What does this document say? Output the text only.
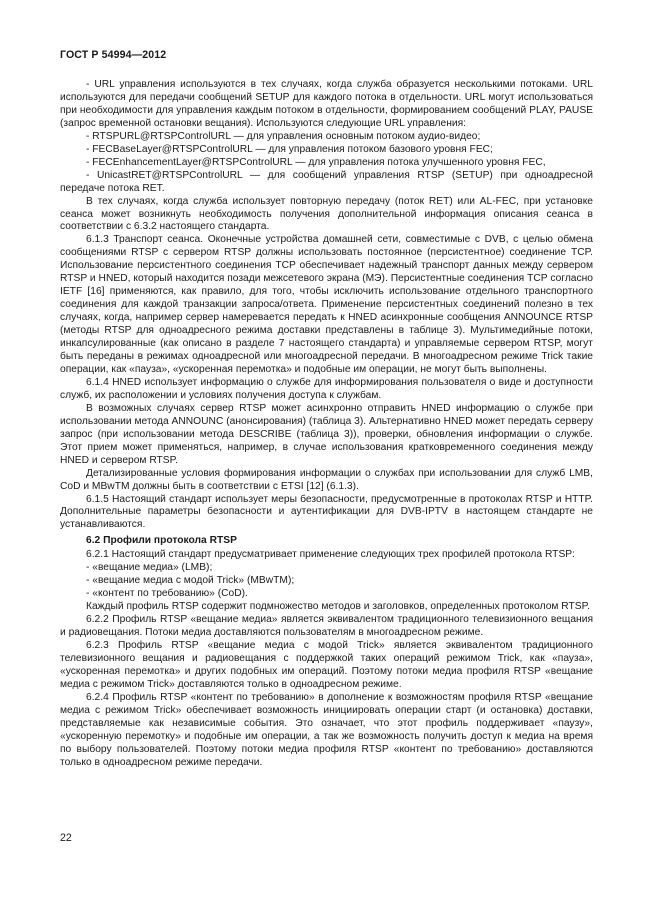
ГОСТ Р 54994—2012

- URL управления используются в тех случаях, когда служба образуется несколькими потоками. URL используются для передачи сообщений SETUP для каждого потока в отдельности. URL могут использоваться при необходимости для управления каждым потоком в отдельности, формированием сообщений PLAY, PAUSE (запрос временной остановки вещания). Используются следующие URL управления:

- RTSPURL@RTSPControlURL — для управления основным потоком аудио-видео;

- FECBaseLayer@RTSPControlURL — для управления потоком базового уровня FEC;

- FECEnhancementLayer@RTSPControlURL — для управления потока улучшенного уровня FEC,

- UnicastRET@RTSPControlURL — для сообщений управления RTSP (SETUP) при одноадресной передаче потока RET.

В тех случаях, когда служба использует повторную передачу (поток RET) или AL-FEC, при установке сеанса может возникнуть необходимость получения дополнительной информация описания сеанса в соответствии с 6.3.2 настоящего стандарта.

6.1.3 Транспорт сеанса. Оконечные устройства домашней сети, совместимые с DVB, с целью обмена сообщениями RTSP с сервером RTSP должны использовать постоянное (персистентное) соединение TCP. Использование персистентного соединения TCP обеспечивает надежный транспорт данных между сервером RTSP и HNED, который находится позади межсетевого экрана (МЭ). Персистентные соединения TCP согласно IETF [16] применяются, как правило, для того, чтобы исключить использование отдельного транспортного соединения для каждой транзакции запроса/ответа. Применение персистентных соединений полезно в тех случаях, когда, например сервер намеревается передать к HNED асинхронные сообщения ANNOUNCE RTSP (методы RTSP для одноадресного режима доставки представлены в таблице 3). Мультимедийные потоки, инкапсулированные (как описано в разделе 7 настоящего стандарта) и управляемые сервером RTSP, могут быть переданы в режимах одноадресной или многоадресной передачи. В многоадресном режиме Trick такие операции, как «пауза», «ускоренная перемотка» и подобные им операции, не могут быть выполнены.

6.1.4 HNED использует информацию о службе для информирования пользователя о виде и доступности служб, их расположении и условиях получения доступа к службам.

В возможных случаях сервер RTSP может асинхронно отправить HNED информацию о службе при использовании метода ANNOUNC (анонсирования) (таблица 3). Альтернативно HNED может передать серверу запрос (при использовании метода DESCRIBE (таблица 3)), проверки, обновления информации о службе. Этот прием может применяться, например, в случае использования кратковременного соединения между HNED и сервером RTSP.

Детализированные условия формирования информации о службах при использовании для служб LMB, CoD и MBwTM должны быть в соответствии с ETSI [12] (6.1.3).

6.1.5 Настоящий стандарт использует меры безопасности, предусмотренные в протоколах RTSP и HTTP. Дополнительные параметры безопасности и аутентификации для DVB-IPTV в настоящем стандарте не устанавливаются.

6.2 Профили протокола RTSP

6.2.1 Настоящий стандарт предусматривает применение следующих трех профилей протокола RTSP:

- «вещание медиа» (LMB);

- «вещание медиа с модой Trick» (MBwTM);

- «контент по требованию» (CoD).

Каждый профиль RTSP содержит подмножество методов и заголовков, определенных протоколом RTSP.

6.2.2 Профиль RTSP «вещание медиа» является эквивалентом традиционного телевизионного вещания и радиовещания. Потоки медиа доставляются пользователям в многоадресном режиме.

6.2.3 Профиль RTSP «вещание медиа с модой Trick» является эквивалентом традиционного телевизионного вещания и радиовещания с поддержкой таких операций режимом Trick, как «пауза», «ускоренная перемотка» и других подобных им операций. Поэтому потоки медиа профиля RTSP «вещание медиа с режимом Trick» доставляются только в одноадресном режиме.

6.2.4 Профиль RTSP «контент по требованию» в дополнение к возможностям профиля RTSP «вещание медиа с режимом Trick» обеспечивает возможность инициировать операции старт (и остановка) доставки, представляемые как независимые события. Это означает, что этот профиль поддерживает «паузу», «ускоренную перемотку» и подобные им операции, а так же возможность получить доступ к медиа на время по выбору пользователей. Поэтому потоки медиа профиля RTSP «контент по требованию» доставляются только в одноадресном режиме передачи.

22
